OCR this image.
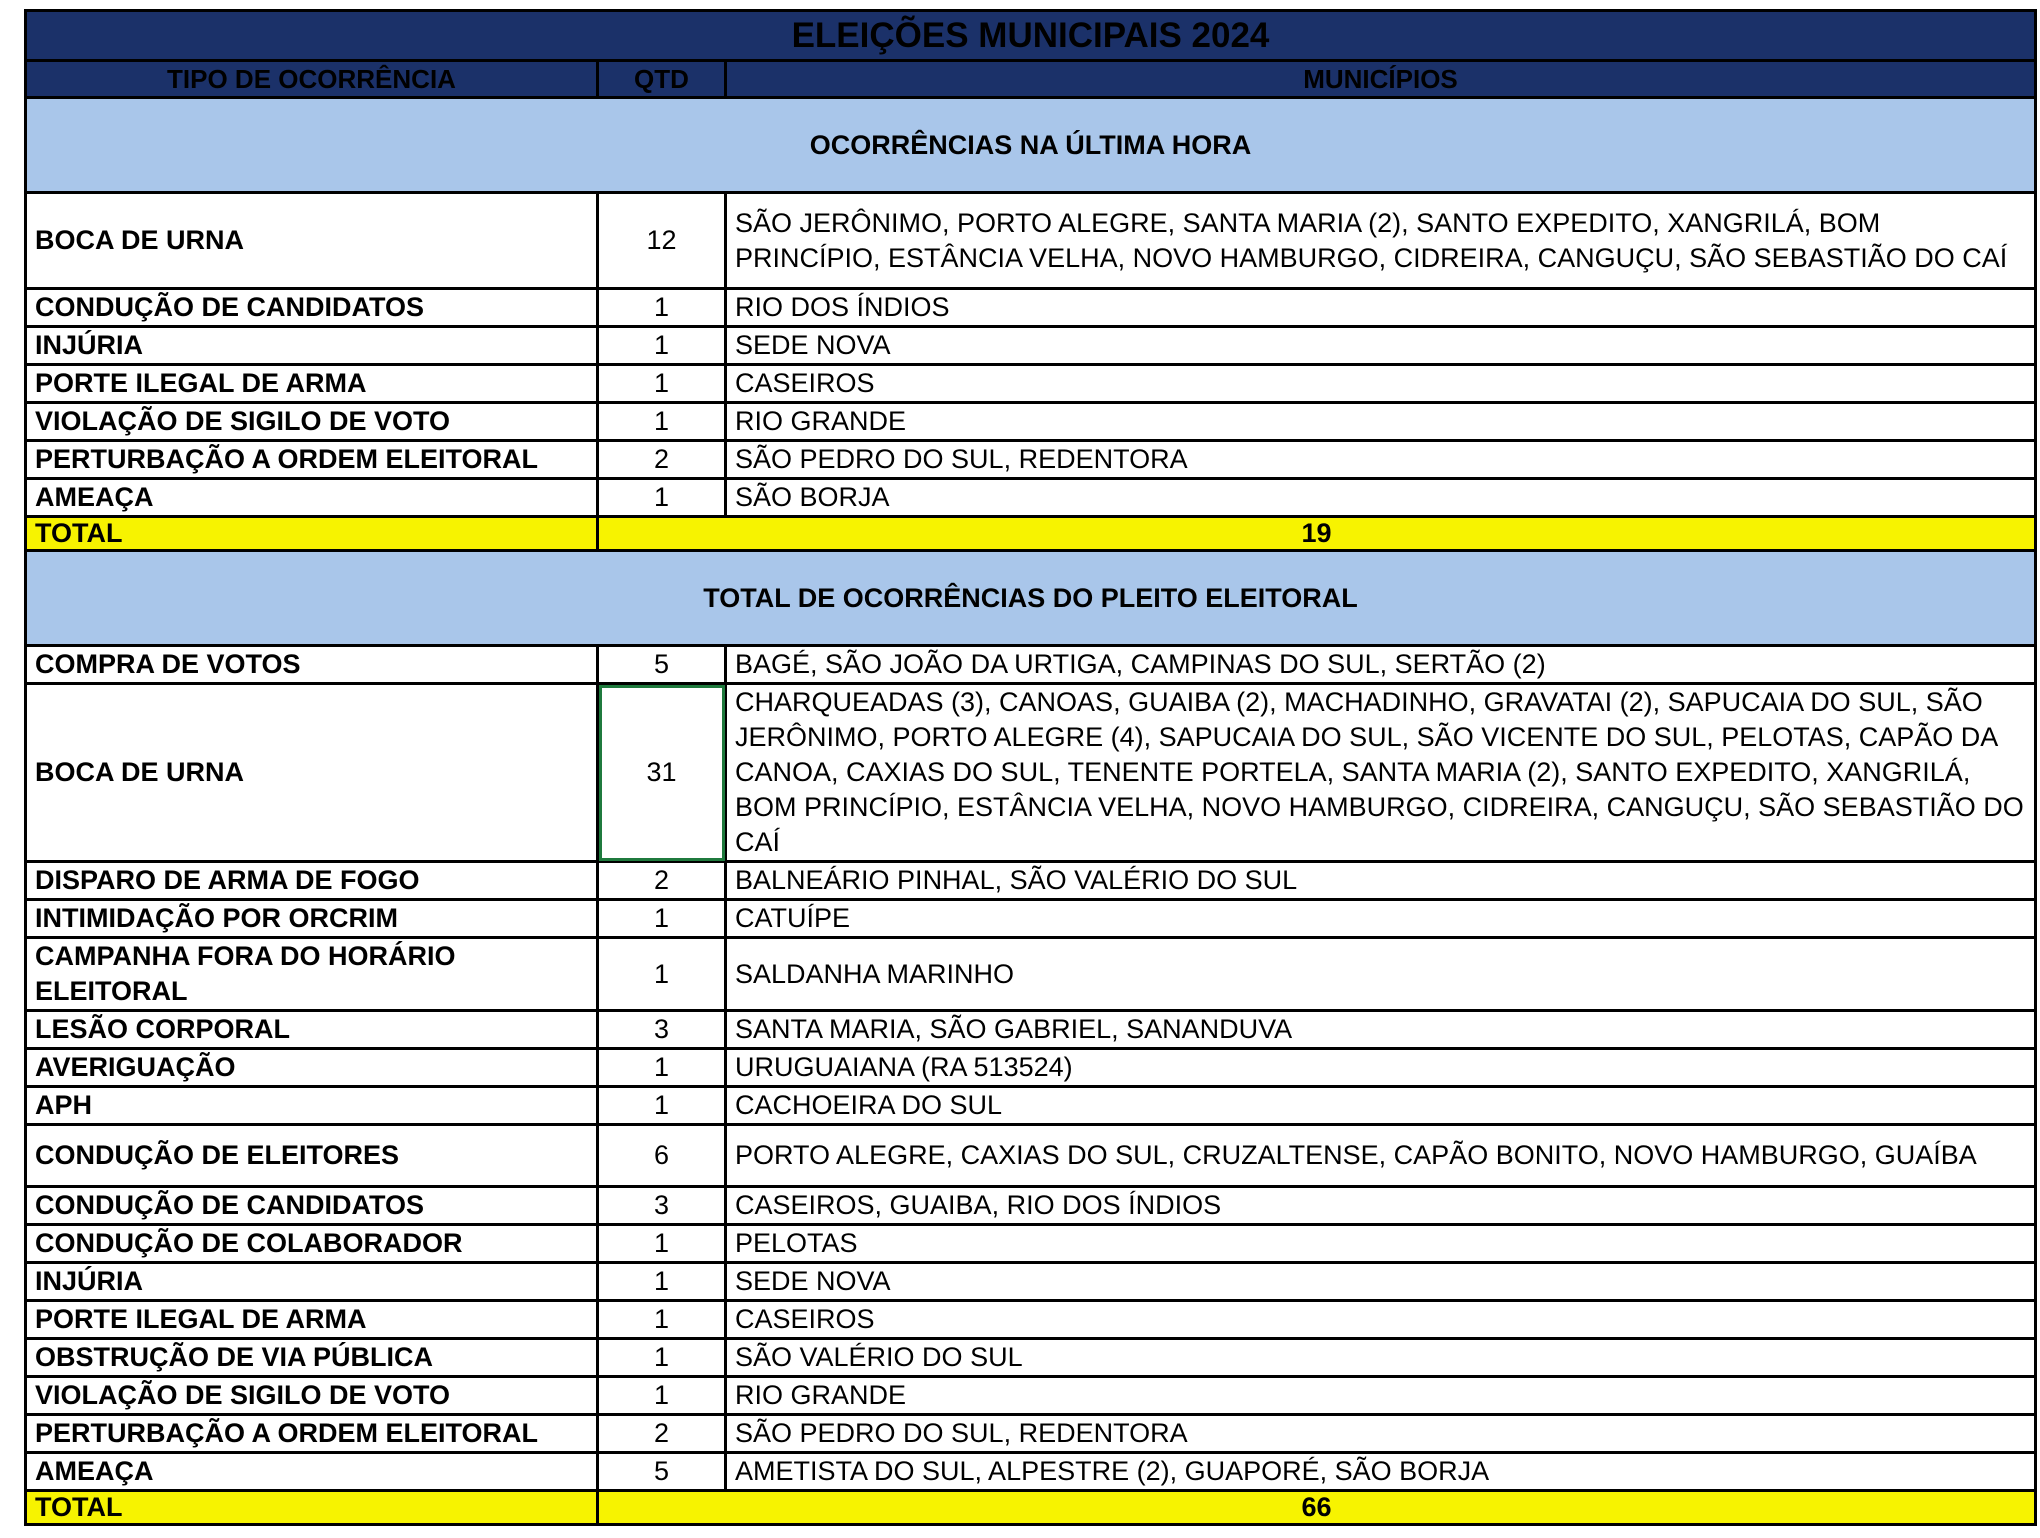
ELEIÇÕES MUNICIPAIS 2024		
TIPO DE OCORRÊNCIA	QTD	MUNICÍPIOS
OCORRÊNCIAS NA ÚLTIMA HORA		
BOCA DE URNA	12	SÃO JERÔNIMO, PORTO ALEGRE, SANTA MARIA (2), SANTO EXPEDITO, XANGRILÁ, BOM PRINCÍPIO, ESTÂNCIA VELHA, NOVO HAMBURGO, CIDREIRA, CANGUÇU, SÃO SEBASTIÃO DO CAÍ
CONDUÇÃO DE CANDIDATOS	1	RIO DOS ÍNDIOS
INJÚRIA	1	SEDE NOVA
PORTE ILEGAL DE ARMA	1	CASEIROS
VIOLAÇÃO DE SIGILO DE VOTO	1	RIO GRANDE
PERTURBAÇÃO A ORDEM ELEITORAL	2	SÃO PEDRO DO SUL, REDENTORA
AMEAÇA	1	SÃO BORJA
TOTAL	19	
TOTAL DE OCORRÊNCIAS DO PLEITO ELEITORAL		
COMPRA DE VOTOS	5	BAGÉ, SÃO JOÃO DA URTIGA, CAMPINAS DO SUL, SERTÃO (2)
BOCA DE URNA	31	CHARQUEADAS (3), CANOAS, GUAIBA (2), MACHADINHO, GRAVATAI (2), SAPUCAIA DO SUL, SÃO JERÔNIMO, PORTO ALEGRE (4), SAPUCAIA DO SUL, SÃO VICENTE DO SUL, PELOTAS, CAPÃO DA CANOA, CAXIAS DO SUL, TENENTE PORTELA, SANTA MARIA (2), SANTO EXPEDITO, XANGRILÁ, BOM PRINCÍPIO, ESTÂNCIA VELHA, NOVO HAMBURGO, CIDREIRA, CANGUÇU, SÃO SEBASTIÃO DO CAÍ
DISPARO DE ARMA DE FOGO	2	BALNEÁRIO PINHAL, SÃO VALÉRIO DO SUL
INTIMIDAÇÃO POR ORCRIM	1	CATUÍPE
CAMPANHA FORA DO HORÁRIO ELEITORAL	1	SALDANHA MARINHO
LESÃO CORPORAL	3	SANTA MARIA, SÃO GABRIEL, SANANDUVA
AVERIGUAÇÃO	1	URUGUAIANA (RA 513524)
APH	1	CACHOEIRA DO SUL
CONDUÇÃO DE ELEITORES	6	PORTO ALEGRE, CAXIAS DO SUL, CRUZALTENSE, CAPÃO BONITO, NOVO HAMBURGO, GUAÍBA
CONDUÇÃO DE CANDIDATOS	3	CASEIROS, GUAIBA, RIO DOS ÍNDIOS
CONDUÇÃO DE COLABORADOR	1	PELOTAS
INJÚRIA	1	SEDE NOVA
PORTE ILEGAL DE ARMA	1	CASEIROS
OBSTRUÇÃO DE VIA PÚBLICA	1	SÃO VALÉRIO DO SUL
VIOLAÇÃO DE SIGILO DE VOTO	1	RIO GRANDE
PERTURBAÇÃO A ORDEM ELEITORAL	2	SÃO PEDRO DO SUL, REDENTORA
AMEAÇA	5	AMETISTA DO SUL, ALPESTRE (2), GUAPORÉ, SÃO BORJA
TOTAL	66	
